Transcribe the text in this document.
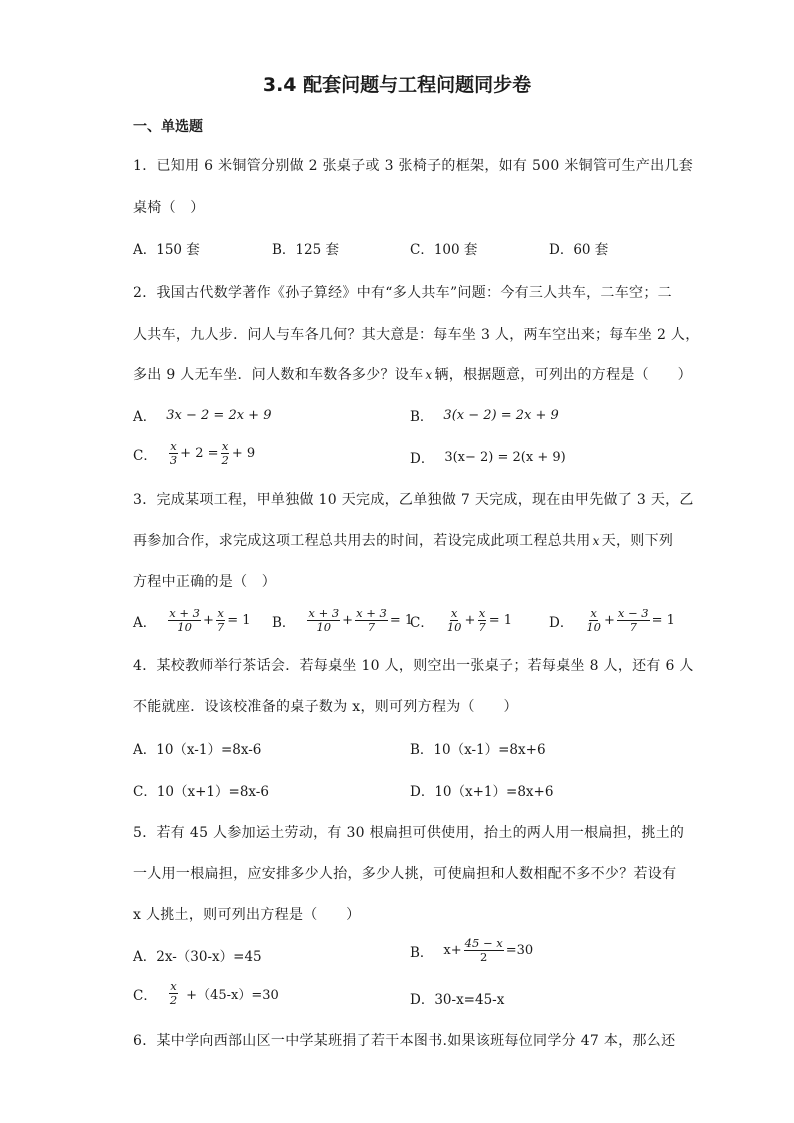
3.4 配套问题与工程问题同步卷
一、单选题
1．已知用 6 米铜管分别做 2 张桌子或 3 张椅子的框架，如有 500 米铜管可生产出几套
桌椅（　）
A．150 套	B．125 套	C．100 套	D．60 套
2．我国古代数学著作《孙子算经》中有“多人共车”问题：今有三人共车，二车空；二
人共车，九人步．问人与车各几何？其大意是：每车坐 3 人，两车空出来；每车坐 2 人，
多出 9 人无车坐．问人数和车数各多少？设车 x 辆，根据题意，可列出的方程是（　　）
A． 3x − 2 = 2x + 9	B． 3(x − 2) = 2x + 9
C． $\frac{x}{3} + 2 = \frac{x}{2} + 9$	D． 3(x− 2) = 2(x + 9)
3．完成某项工程，甲单独做 10 天完成，乙单独做 7 天完成，现在由甲先做了 3 天，乙
再参加合作，求完成这项工程总共用去的时间，若设完成此项工程总共用 x 天，则下列
方程中正确的是（　）
A． $\frac{x + 3}{10} + \frac{x}{7} = 1$ B． $\frac{x + 3}{10} + \frac{x + 3}{7} = 1$
C． $\frac{x}{10} + \frac{x}{7} = 1$	D． $\frac{x}{10} + \frac{x - 3}{7} = 1$
4．某校教师举行茶话会．若每桌坐 10 人，则空出一张桌子；若每桌坐 8 人，还有 6 人
不能就座．设该校准备的桌子数为 x，则可列方程为（　　）
A．10（x-1）=8x-6	B．10（x-1）=8x+6
C．10（x+1）=8x-6	D．10（x+1）=8x+6
5．若有 45 人参加运土劳动，有 30 根扁担可供使用，抬土的两人用一根扁担，挑土的
一人用一根扁担，应安排多少人抬，多少人挑，可使扁担和人数相配不多不少？若设有
x 人挑土，则可列出方程是（　　）
A．2x-（30-x）=45	B． $x+ \frac{45 - x}{2} =30$
C． $\frac{x}{2} +(45-x)=30$	D．30-x=45-x
6．某中学向西部山区一中学某班捐了若干本图书.如果该班每位同学分 47 本，那么还
